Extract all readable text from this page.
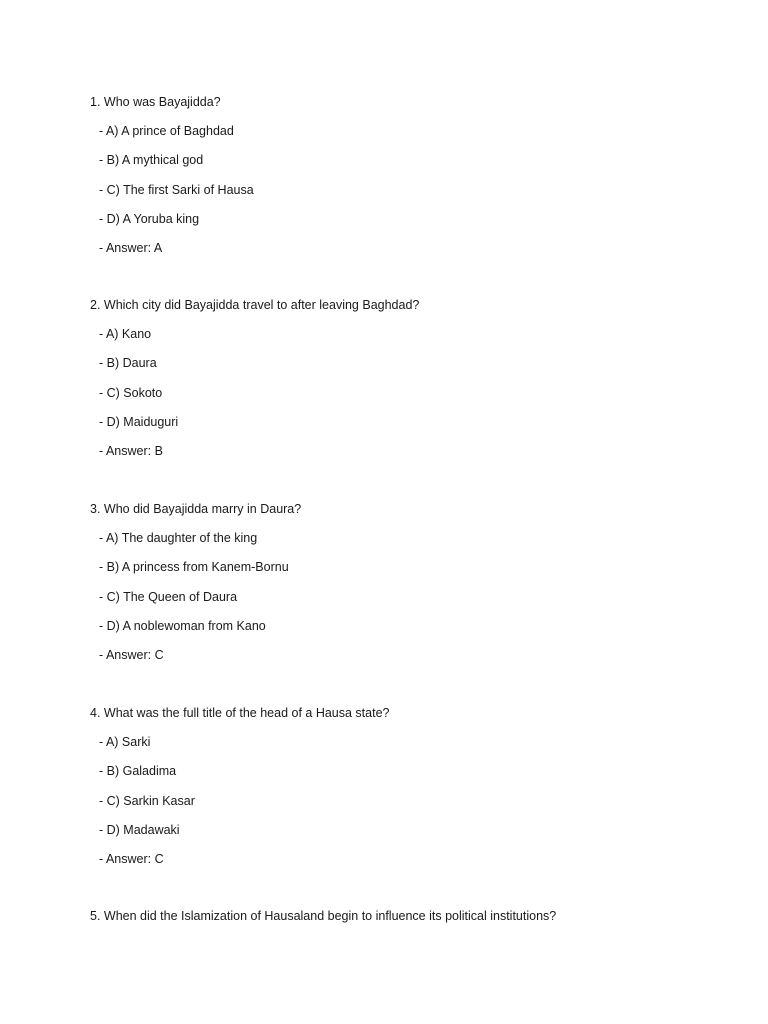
1. Who was Bayajidda?
- A) A prince of Baghdad
- B) A mythical god
- C) The first Sarki of Hausa
- D) A Yoruba king
- Answer: A
2. Which city did Bayajidda travel to after leaving Baghdad?
- A) Kano
- B) Daura
- C) Sokoto
- D) Maiduguri
- Answer: B
3. Who did Bayajidda marry in Daura?
- A) The daughter of the king
- B) A princess from Kanem-Bornu
- C) The Queen of Daura
- D) A noblewoman from Kano
- Answer: C
4. What was the full title of the head of a Hausa state?
- A) Sarki
- B) Galadima
- C) Sarkin Kasar
- D) Madawaki
- Answer: C
5. When did the Islamization of Hausaland begin to influence its political institutions?
